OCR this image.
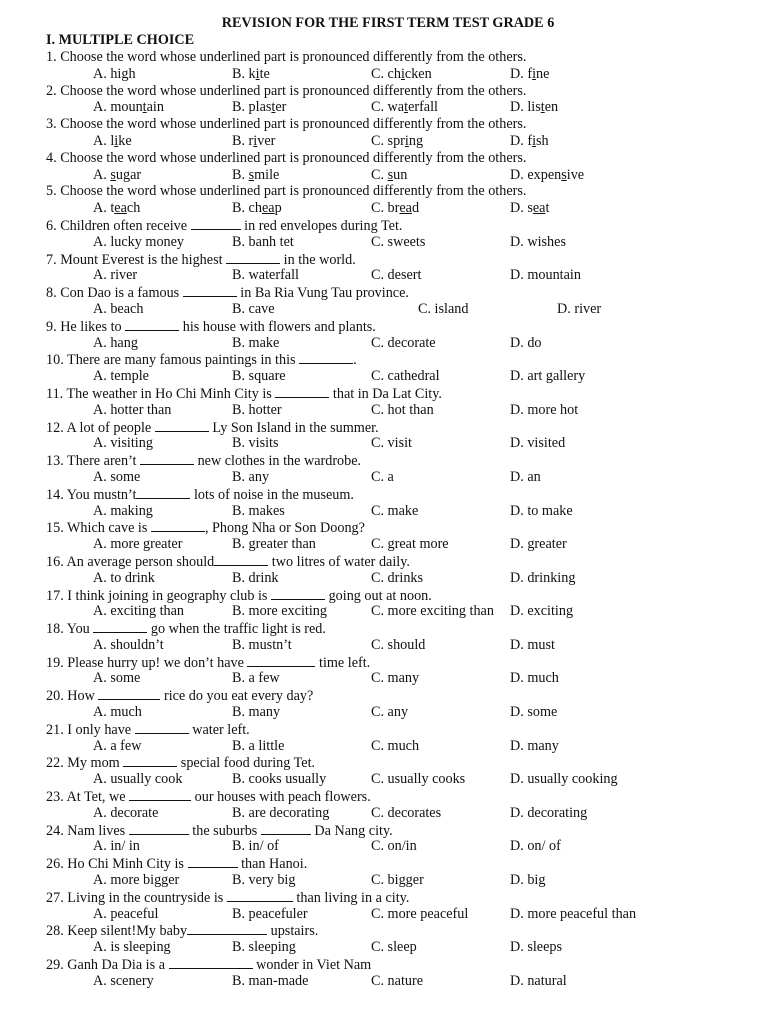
REVISION FOR THE FIRST TERM TEST GRADE 6
I. MULTIPLE CHOICE
1. Choose the word whose underlined part is pronounced differently from the others.
A. high	B. kite	C. chicken	D. fine
2. Choose the word whose underlined part is pronounced differently from the others.
A. mountain	B. plaster	C. waterfall	D. listen
3. Choose the word whose underlined part is pronounced differently from the others.
A. like	B. river	C. spring	D. fish
4. Choose the word whose underlined part is pronounced differently from the others.
A. sugar	B. smile	C. sun	D. expensive
5. Choose the word whose underlined part is pronounced differently from the others.
A. teach	B. cheap	C. bread	D. seat
6. Children often receive	in red envelopes during Tet.
A. lucky money	B. banh tet	C. sweets	D. wishes
7. Mount Everest is the highest	in the world.
A. river	B. waterfall	C. desert	D. mountain
8. Con Dao is a famous	in Ba Ria Vung Tau province.
A. beach	B. cave	C. island	D. river
9. He likes to	his house with flowers and plants.
A. hang	B. make	C. decorate	D. do
10. There are many famous paintings in this	.
A. temple	B. square	C. cathedral	D. art gallery
11. The weather in Ho Chi Minh City is	that in Da Lat City.
A. hotter than	B. hotter	C. hot than	D. more hot
12. A lot of people	Ly Son Island in the summer.
A. visiting	B. visits	C. visit	D. visited
13. There aren’t	new clothes in the wardrobe.
A. some	B. any	C. a	D. an
14. You mustn’t	lots of noise in the museum.
A. making	B. makes	C. make	D. to make
15. Which cave is	, Phong Nha or Son Doong?
A. more greater	B. greater than	C. great more	D. greater
16. An average person should	two litres of water daily.
A. to drink	B. drink	C. drinks	D. drinking
17. I think joining in geography club is	going out at noon.
A. exciting than	B. more exciting	C. more exciting than D. exciting
18. You	go when the traffic light is red.
A. shouldn’t	B. mustn’t	C. should	D. must
19. Please hurry up! we don’t have	time left.
A. some	B. a few	C. many	D. much
20. How	rice do you eat every day?
A. much	B. many	C. any	D. some
21. I only have	water left.
A. a few	B. a little	C. much	D. many
22. My mom	special food during Tet.
A. usually cook	B. cooks usually	C. usually cooks	D. usually cooking
23. At Tet, we	our houses with peach flowers.
A. decorate	B. are decorating	C. decorates	D. decorating
24. Nam lives	the suburbs	Da Nang city.
A. in/ in	B. in/ of	C. on/in	D. on/ of
26. Ho Chi Minh City is	than Hanoi.
A. more bigger	B. very big	C. bigger	D. big
27. Living in the countryside is	than living in a city.
A. peaceful	B. peacefuler	C. more peaceful	D. more peaceful than
28. Keep silent!My baby	upstairs.
A. is sleeping	B. sleeping	C. sleep	D. sleeps
29. Ganh Da Dia is a	wonder in Viet Nam
A. scenery	B. man-made	C. nature	D. natural
